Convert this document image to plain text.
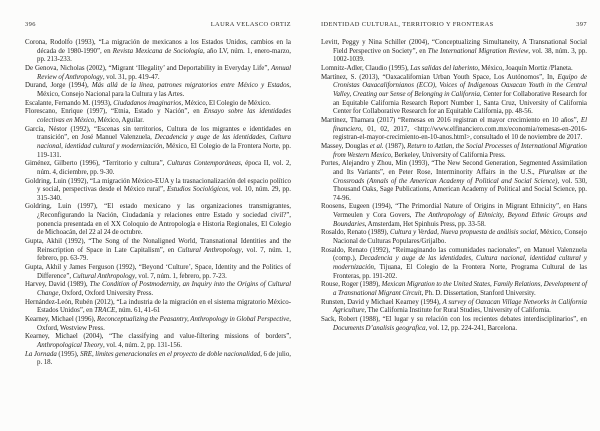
396	LAURA VELASCO ORTIZ

Corona, Rodolfo (1993), “La migración de mexicanos a los Estados Unidos, cambios en la década de 1980-1990”, en Revista Mexicana de Sociología, año LV, núm. 1, enero-marzo, pp. 213-233.

De Genova, Nicholas (2002), “Migrant ‘Illegality’ and Deportability in Everyday Life”, Annual Review of Anthropology, vol. 31, pp. 419-47.

Durand, Jorge (1994), Más allá de la línea, patrones migratorios entre México y Estados, México, Consejo Nacional para la Cultura y las Artes.

Escalante, Fernando M. (1993), Ciudadanos imaginarios, México, El Colegio de México.

Florescano, Enrique (1997), “Etnia, Estado y Nación”, en Ensayo sobre las identidades colectivas en México, México, Aguilar.

García, Néstor (1992), “Escenas sin territorios, Cultura de los migrantes e identidades en transición”, en José Manuel Valenzuela, Decadencia y auge de las identidades, Cultura nacional, identidad cultural y modernización, México, El Colegio de la Frontera Norte, pp. 119-131.

Giménez, Gilberto (1996), “Territorio y cultura”, Culturas Contemporáneas, época II, vol. 2, núm. 4, diciembre, pp. 9-30.

Goldring, Luin (1992), “La migración México-EUA y la trasnacionalización del espacio político y social, perspectivas desde el México rural”, Estudios Sociológicos, vol. 10, núm. 29, pp. 315-340.

Goldring, Luin (1997), “El estado mexicano y las organizaciones transmigrantes, ¿Reconfigurando la Nación, Ciudadanía y relaciones entre Estado y sociedad civil?”, ponencia presentada en el XX Coloquio de Antropología e Historia Regionales, El Colegio de Michoacán, del 22 al 24 de octubre.

Gupta, Akhil (1992), “The Song of the Nonaligned World, Transnational Identities and the Reinscription of Space in Late Capitalism”, en Cultural Anthropology, vol. 7, núm. 1, febrero, pp. 63-79.

Gupta, Akhil y James Ferguson (1992), “Beyond ‘Culture’, Space, Identity and the Politics of Difference”, Cultural Anthropology, vol. 7, núm. 1, febrero, pp. 7-23.

Harvey, David (1989), The Condition of Postmodernity, an Inquiry into the Origins of Cultural Change, Oxford, Oxford University Press.

Hernández-León, Rubén (2012), “La industria de la migración en el sistema migratorio México-Estados Unidos”, en TRACE, núm. 61, 41-61

Kearney, Michael (1996), Reconceptualizing the Peasantry, Anthropology in Global Perspective, Oxford, Westview Press.

Kearney, Michael (2004), “The classifying and value-filtering missions of borders”, Anthropological Theory, vol. 4, núm. 2, pp. 131-156.

La Jornada (1995), SRE, límites generacionales en el proyecto de doble nacionalidad, 6 de julio, p. 18.

IDENTIDAD CULTURAL, TERRITORIO Y FRONTERAS	397

Levitt, Peggy y Nina Schiller (2004), “Conceptualizing Simultaneity, A Transnational Social Field Perspective on Society”, en The International Migration Review, vol. 38, núm. 3, pp. 1002-1039.

Lomnitz-Adler, Claudio (1995), Las salidas del laberinto, México, Joaquín Mortiz /Planeta.

Martínez, S. (2013), “Oaxacalifornian Urban Youth Space, Los Autónomos”, In, Equipo de Cronistas Oaxacalifornianos (ECO), Voices of Indigenous Oaxacan Youth in the Central Valley, Creating our Sense of Belonging in California, Center for Collaborative Research for an Equitable California Research Report Number 1, Santa Cruz, University of California Center for Collaborative Research for an Equitable California, pp. 48-56.

Martínez, Thamara (2017) “Remesas en 2016 registran el mayor crecimiento en 10 años”, El financiero, 01, 02, 2017, <http://www.elfinanciero.com.mx/economia/remesas-en-2016-registran-el-mayor-crecimiento-en-10-anos.html>, consultado el 10 de noviembre de 2017.

Massey, Douglas et al. (1987), Return to Aztlan, the Social Processes of International Migration from Western Mexico, Berkeley, University of California Press.

Portes, Alejandro y Zhou, Min (1993), “The New Second Generation, Segmented Assimilation and Its Variants”, en Peter Rose, Interminority Affairs in the U.S., Pluralism at the Crossroads (Annals of the American Academy of Political and Social Science), vol. 530, Thousand Oaks, Sage Publications, American Academy of Political and Social Science, pp. 74-96.

Roosens, Eugeen (1994), “The Primordial Nature of Origins in Migrant Ethnicity”, en Hans Vermeulen y Cora Govers, The Anthropology of Ethnicity, Beyond Ethnic Groups and Boundaries, Amsterdam, Het Spinhuis Press, pp. 33-58.

Rosaldo, Renato (1989), Cultura y Verdad, Nueva propuesta de análisis social, México, Consejo Nacional de Culturas Populares/Grijalbo.

Rosaldo, Renato (1992), “Reimaginando las comunidades nacionales”, en Manuel Valenzuela (comp.), Decadencia y auge de las identidades, Cultura nacional, identidad cultural y modernización, Tijuana, El Colegio de la Frontera Norte, Programa Cultural de las Fronteras, pp. 191-202.

Rouse, Roger (1989), Mexican Migration to the United States, Family Relations, Development of a Transnational Migrant Circuit, Ph. D. Dissertation, Stanford University.

Runsten, David y Michael Kearney (1994), A survey of Oaxacan Village Networks in California Agriculture, The California Institute for Rural Studies, University of California.

Sack, Robert (1988), “El lugar y su relación con los recientes debates interdisciplinarios”, en Documents D’analisis geografica, vol. 12, pp. 224-241, Barcelona.
